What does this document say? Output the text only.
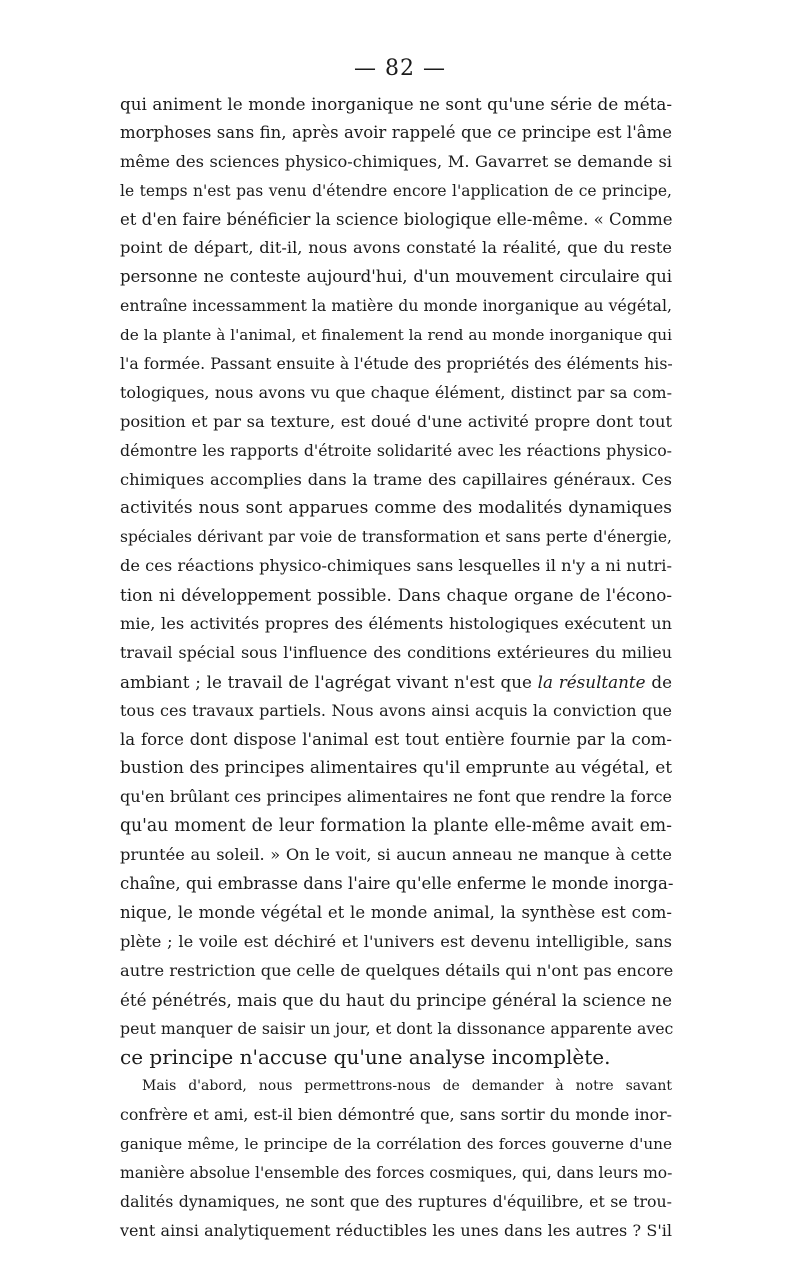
— 82 —
qui animent le monde inorganique ne sont qu'une série de méta-
morphoses sans fin, après avoir rappelé que ce principe est l'âme
même des sciences physico-chimiques, M. Gavarret se demande si
le temps n'est pas venu d'étendre encore l'application de ce principe,
et d'en faire bénéficier la science biologique elle-même. « Comme
point de départ, dit-il, nous avons constaté la réalité, que du reste
personne ne conteste aujourd'hui, d'un mouvement circulaire qui
entraîne incessamment la matière du monde inorganique au végétal,
de la plante à l'animal, et finalement la rend au monde inorganique qui
l'a formée. Passant ensuite à l'étude des propriétés des éléments his-
tologiques, nous avons vu que chaque élément, distinct par sa com-
position et par sa texture, est doué d'une activité propre dont tout
démontre les rapports d'étroite solidarité avec les réactions physico-
chimiques accomplies dans la trame des capillaires généraux. Ces
activités nous sont apparues comme des modalités dynamiques
spéciales dérivant par voie de transformation et sans perte d'énergie,
de ces réactions physico-chimiques sans lesquelles il n'y a ni nutri-
tion ni développement possible. Dans chaque organe de l'écono-
mie, les activités propres des éléments histologiques exécutent un
travail spécial sous l'influence des conditions extérieures du milieu
ambiant ; le travail de l'agrégat vivant n'est que la résultante de
tous ces travaux partiels. Nous avons ainsi acquis la conviction que
la force dont dispose l'animal est tout entière fournie par la com-
bustion des principes alimentaires qu'il emprunte au végétal, et
qu'en brûlant ces principes alimentaires ne font que rendre la force
qu'au moment de leur formation la plante elle-même avait em-
pruntée au soleil. » On le voit, si aucun anneau ne manque à cette
chaîne, qui embrasse dans l'aire qu'elle enferme le monde inorga-
nique, le monde végétal et le monde animal, la synthèse est com-
plète ; le voile est déchiré et l'univers est devenu intelligible, sans
autre restriction que celle de quelques détails qui n'ont pas encore
été pénétrés, mais que du haut du principe général la science ne
peut manquer de saisir un jour, et dont la dissonance apparente avec
ce principe n'accuse qu'une analyse incomplète.
Mais d'abord, nous permettrons-nous de demander à notre savant
confrère et ami, est-il bien démontré que, sans sortir du monde inor-
ganique même, le principe de la corrélation des forces gouverne d'une
manière absolue l'ensemble des forces cosmiques, qui, dans leurs mo-
dalités dynamiques, ne sont que des ruptures d'équilibre, et se trou-
vent ainsi analytiquement réductibles les unes dans les autres ? S'il
